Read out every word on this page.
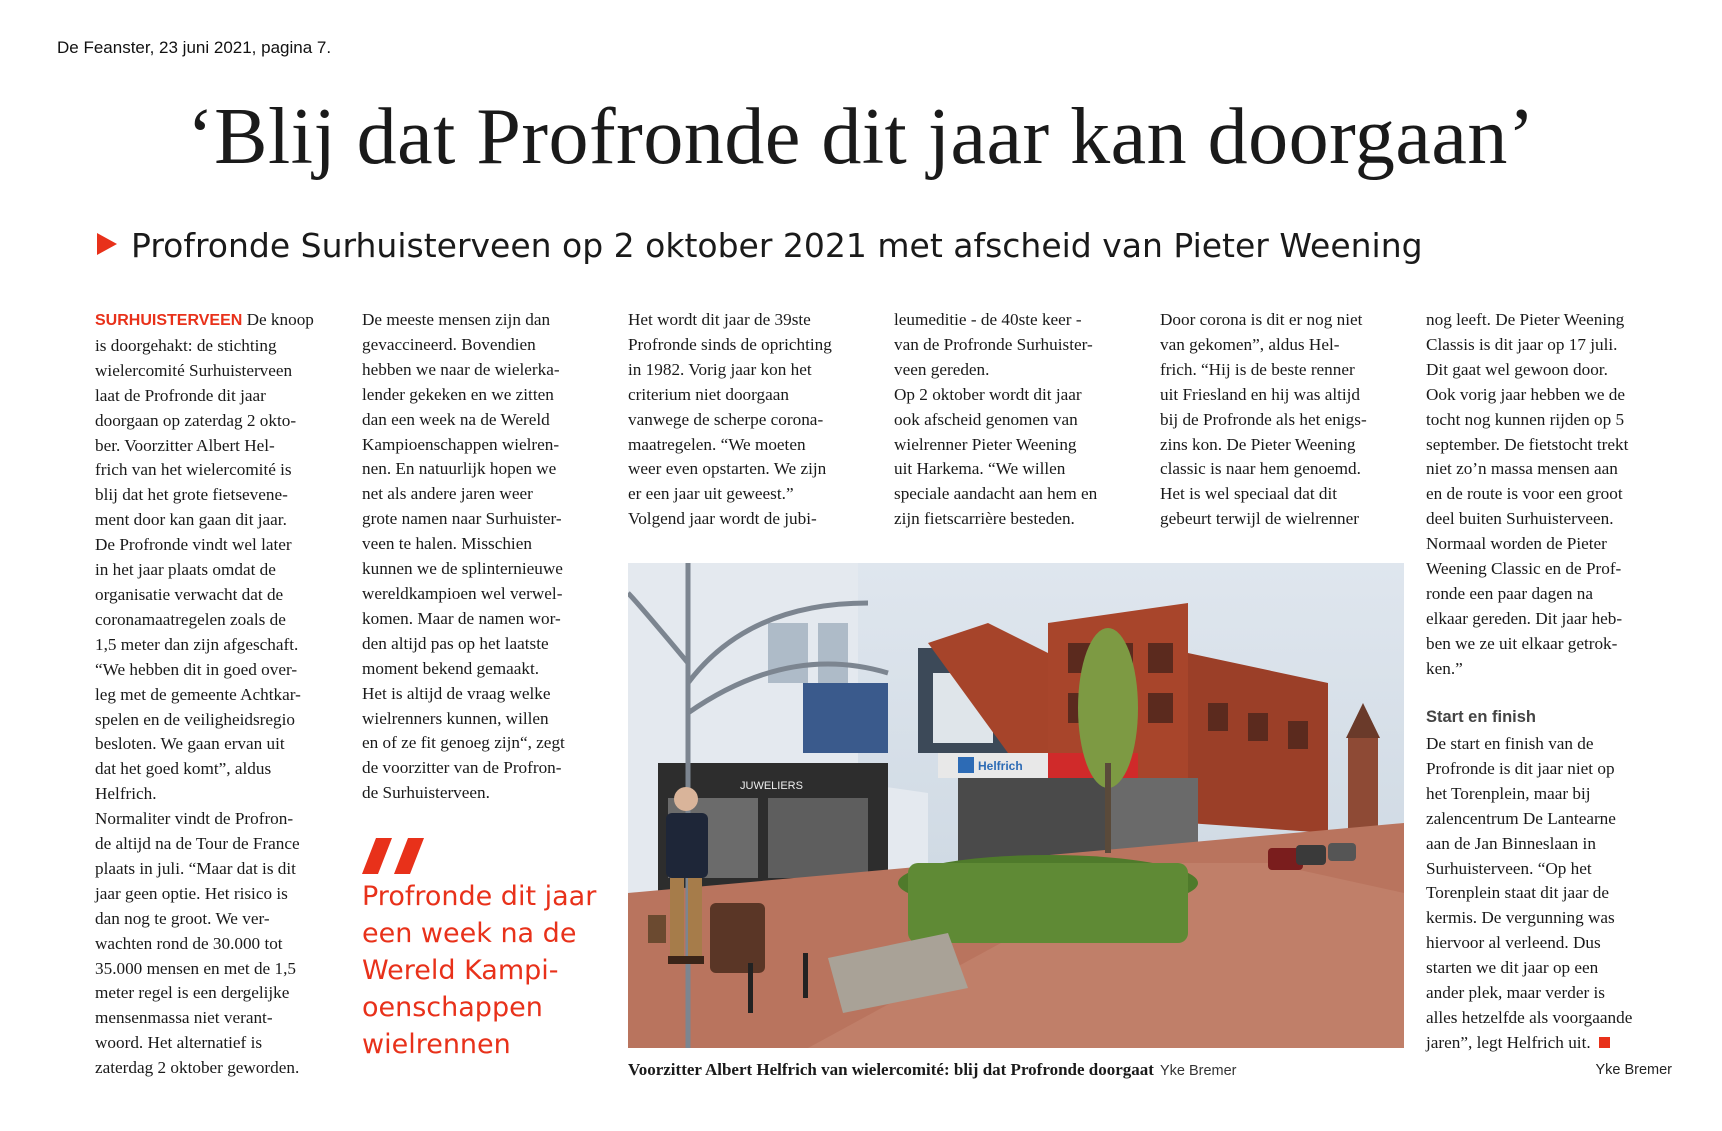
De Feanster, 23 juni 2021, pagina 7.
‘Blij dat Profronde dit jaar kan doorgaan’
Profronde Surhuisterveen op 2 oktober 2021 met afscheid van Pieter Weening
SURHUISTERVEEN De knoop
is doorgehakt: de stichting
wielercomité Surhuisterveen
laat de Profronde dit jaar
doorgaan op zaterdag 2 okto-
ber. Voorzitter Albert Hel-
frich van het wielercomité is
blij dat het grote fietsevene-
ment door kan gaan dit jaar.
De Profronde vindt wel later
in het jaar plaats omdat de
organisatie verwacht dat de
coronamaatregelen zoals de
1,5 meter dan zijn afgeschaft.
“We hebben dit in goed over-
leg met de gemeente Achtkar-
spelen en de veiligheidsregio
besloten. We gaan ervan uit
dat het goed komt”, aldus
Helfrich.
Normaliter vindt de Profron-
de altijd na de Tour de France
plaats in juli. “Maar dat is dit
jaar geen optie. Het risico is
dan nog te groot. We ver-
wachten rond de 30.000 tot
35.000 mensen en met de 1,5
meter regel is een dergelijke
mensenmassa niet verant-
woord. Het alternatief is
zaterdag 2 oktober geworden.
De meeste mensen zijn dan
gevaccineerd. Bovendien
hebben we naar de wielerka-
lender gekeken en we zitten
dan een week na de Wereld
Kampioenschappen wielren-
nen. En natuurlijk hopen we
net als andere jaren weer
grote namen naar Surhuister-
veen te halen. Misschien
kunnen we de splinternieuwe
wereldkampioen wel verwel-
komen. Maar de namen wor-
den altijd pas op het laatste
moment bekend gemaakt.
Het is altijd de vraag welke
wielrenners kunnen, willen
en of ze fit genoeg zijn“, zegt
de voorzitter van de Profron-
de Surhuisterveen.
Het wordt dit jaar de 39ste
Profronde sinds de oprichting
in 1982. Vorig jaar kon het
criterium niet doorgaan
vanwege de scherpe corona-
maatregelen. “We moeten
weer even opstarten. We zijn
er een jaar uit geweest.”
Volgend jaar wordt de jubi-
leumeditie - de 40ste keer -
van de Profronde Surhuister-
veen gereden.
Op 2 oktober wordt dit jaar
ook afscheid genomen van
wielrenner Pieter Weening
uit Harkema. “We willen
speciale aandacht aan hem en
zijn fietscarrière besteden.
Door corona is dit er nog niet
van gekomen”, aldus Hel-
frich. “Hij is de beste renner
uit Friesland en hij was altijd
bij de Profronde als het enigs-
zins kon. De Pieter Weening
classic is naar hem genoemd.
Het is wel speciaal dat dit
gebeurt terwijl de wielrenner
nog leeft. De Pieter Weening
Classis is dit jaar op 17 juli.
Dit gaat wel gewoon door.
Ook vorig jaar hebben we de
tocht nog kunnen rijden op 5
september. De fietstocht trekt
niet zo’n massa mensen aan
en de route is voor een groot
deel buiten Surhuisterveen.
Normaal worden de Pieter
Weening Classic en de Prof-
ronde een paar dagen na
elkaar gereden. Dit jaar heb-
ben we ze uit elkaar getrok-
ken.”
Profronde dit jaar
een week na de
Wereld Kampi-
oenschappen
wielrennen
JUWELIERS
Helfrich
Voorzitter Albert Helfrich van wielercomité: blij dat Profronde doorgaat Yke Bremer
Start en finish
De start en finish van de
Profronde is dit jaar niet op
het Torenplein, maar bij
zalencentrum De Lantearne
aan de Jan Binneslaan in
Surhuisterveen. “Op het
Torenplein staat dit jaar de
kermis. De vergunning was
hiervoor al verleend. Dus
starten we dit jaar op een
ander plek, maar verder is
alles hetzelfde als voorgaande
jaren”, legt Helfrich uit.
Yke Bremer
